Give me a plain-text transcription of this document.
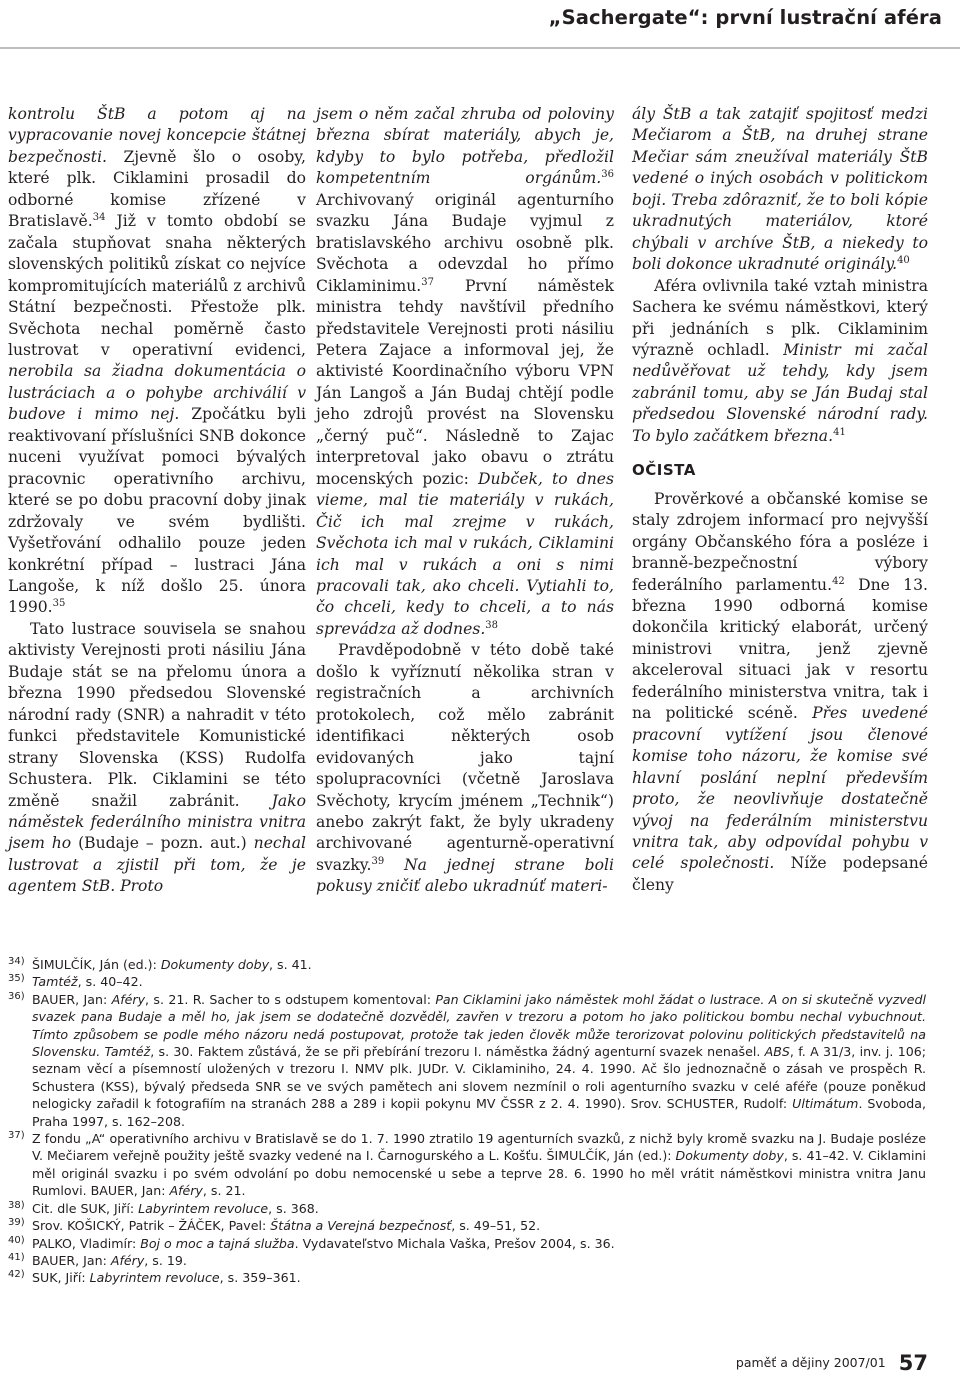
„Sachergate“: první lustrační aféra

kontrolu ŠtB a potom aj na vypracovanie novej koncepcie štátnej bezpečnosti. Zjevně šlo o osoby, které plk. Ciklamini prosadil do odborné komise zřízené v Bratislavě.$^{34}$ Již v tomto období se začala stupňovat snaha některých slovenských politiků získat co nejvíce kompromitujících materiálů z archivů Státní bezpečnosti. Přestože plk. Svěchota nechal poměrně často lustrovat v operativní evidenci, nerobila sa žiadna dokumentácia o lustráciach a o pohybe archiválií v budove i mimo nej. Zpočátku byli reaktivovaní příslušníci SNB dokonce nuceni využívat pomoci bývalých pracovnic operativního archivu, které se po dobu pracovní doby jinak zdržovaly ve svém bydlišti. Vyšetřování odhalilo pouze jeden konkrétní případ – lustraci Jána Langoše, k níž došlo 25. února 1990.35

Tato lustrace souvisela se snahou aktivisty Verejnosti proti násiliu Jána Budaje stát se na přelomu února a března 1990 předsedou Slovenské národní rady (SNR) a nahradit v této funkci představitele Komunistické strany Slovenska (KSS) Rudolfa Schustera. Plk. Ciklamini se této změně snažil zabránit. Jako náměstek federálního ministra vnitra jsem ho (Budaje – pozn. aut.) nechal lustrovat a zjistil při tom, že je agentem StB. Proto

jsem o něm začal zhruba od poloviny března sbírat materiály, abych je, kdyby to bylo potřeba, předložil kompetentním orgánům.$^{36}$ Archivovaný originál agenturního svazku Jána Budaje vyjmul z bratislavského archivu osobně plk. Svěchota a odevzdal ho přímo Ciklaminimu.$^{37}$ První náměstek ministra tehdy navštívil předního představitele Verejnosti proti násiliu Petera Zajace a informoval jej, že aktivisté Koordinačního výboru VPN Ján Langoš a Ján Budaj chtějí podle jeho zdrojů provést na Slovensku „černý puč“. Následně to Zajac interpretoval jako obavu o ztrátu mocenských pozic: Dubček, to dnes vieme, mal tie materiály v rukách, Čič ich mal zrejme v rukách, Svěchota ich mal v rukách, Ciklamini ich mal v rukách a oni s nimi pracovali tak, ako chceli. Vytiahli to, čo chceli, kedy to chceli, a to nás sprevádza až dodnes.$^{38}$

Pravděpodobně v této době také došlo k vyříznutí několika stran v registračních a archivních protokolech, což mělo zabránit identifikaci některých osob evidovaných jako tajní spolupracovníci (včetně Jaroslava Svěchoty, krycím jménem „Technik“) anebo zakrýt fakt, že byly ukradeny archivované agenturně-operativní svazky.$^{39}$ Na jednej strane boli pokusy zničiť alebo ukradnúť materi-

ály ŠtB a tak zatajiť spojitosť medzi Mečiarom a ŠtB, na druhej strane Mečiar sám zneužíval materiály ŠtB vedené o iných osobách v politickom boji. Treba zdôrazniť, že to boli kópie ukradnutých materiálov, ktoré chýbali v archíve ŠtB, a niekedy to boli dokonce ukradnuté originály.$^{40}$

Aféra ovlivnila také vztah ministra Sachera ke svému náměstkovi, který při jednáních s plk. Ciklaminim výrazně ochladl. Ministr mi začal nedůvěřovat už tehdy, kdy jsem zabránil tomu, aby se Ján Budaj stal předsedou Slovenské národní rady. To bylo začátkem března.$^{41}$

OČISTA

Prověrkové a občanské komise se staly zdrojem informací pro nejvyšší orgány Občanského fóra a posléze i branně-bezpečnostní výbory federálního parlamentu.$^{42}$ Dne 13. března 1990 odborná komise dokončila kritický elaborát, určený ministrovi vnitra, jenž zjevně akceleroval situaci jak v resortu federálního ministerstva vnitra, tak i na politické scéně. Přes uvedené pracovní vytížení jsou členové komise toho názoru, že komise své hlavní poslání neplní především proto, že neovlivňuje dostatečně vývoj na federálním ministerstvu vnitra tak, aby odpovídal pohybu v celé společnosti. Níže podepsané členy

34) ŠIMULČÍK, Ján (ed.): Dokumenty doby, s. 41.
35) Tamtéž, s. 40–42.
36) BAUER, Jan: Aféry, s. 21. R. Sacher to s odstupem komentoval: Pan Ciklamini jako náměstek mohl žádat o lustrace. A on si skutečně vyzvedl svazek pana Budaje a měl ho, jak jsem se dodatečně dozvěděl, zavřen v trezoru a potom ho jako politickou bombu nechal vybuchnout. Tímto způsobem se podle mého názoru nedá postupovat, protože tak jeden člověk může terorizovat polovinu politických představitelů na Slovensku. Tamtéž, s. 30. Faktem zůstává, že se při přebírání trezoru I. náměstka žádný agenturní svazek nenašel. ABS, f. A 31/3, inv. j. 106; seznam věcí a písemností uložených v trezoru I. NMV plk. JUDr. V. Ciklaminiho, 24. 4. 1990. Ač šlo jednoznačně o zásah ve prospěch R. Schustera (KSS), bývalý předseda SNR se ve svých pamětech ani slovem nezmínil o roli agenturního svazku v celé aféře (pouze poněkud nelogicky zařadil k fotografiím na stranách 288 a 289 i kopii pokynu MV ČSSR z 2. 4. 1990). Srov. SCHUSTER, Rudolf: Ultimátum. Svoboda, Praha 1997, s. 162–208.
37) Z fondu „A“ operativního archivu v Bratislavě se do 1. 7. 1990 ztratilo 19 agenturních svazků, z nichž byly kromě svazku na J. Budaje posléze V. Mečiarem veřejně použity ještě svazky vedené na I. Čarnogurského a L. Košťu. ŠIMULČÍK, Ján (ed.): Dokumenty doby, s. 41–42. V. Ciklamini měl originál svazku i po svém odvolání po dobu nemocenské u sebe a teprve 28. 6. 1990 ho měl vrátit náměstkovi ministra vnitra Janu Rumlovi. BAUER, Jan: Aféry, s. 21.
38) Cit. dle SUK, Jiří: Labyrintem revoluce, s. 368.
39) Srov. KOŠICKÝ, Patrik – ŽÁČEK, Pavel: Štátna a Verejná bezpečnosť, s. 49–51, 52.
40) PALKO, Vladimír: Boj o moc a tajná služba. Vydavateľstvo Michala Vaška, Prešov 2004, s. 36.
41) BAUER, Jan: Aféry, s. 19.
42) SUK, Jiří: Labyrintem revoluce, s. 359–361.
paměť a dějiny 2007/01 57
